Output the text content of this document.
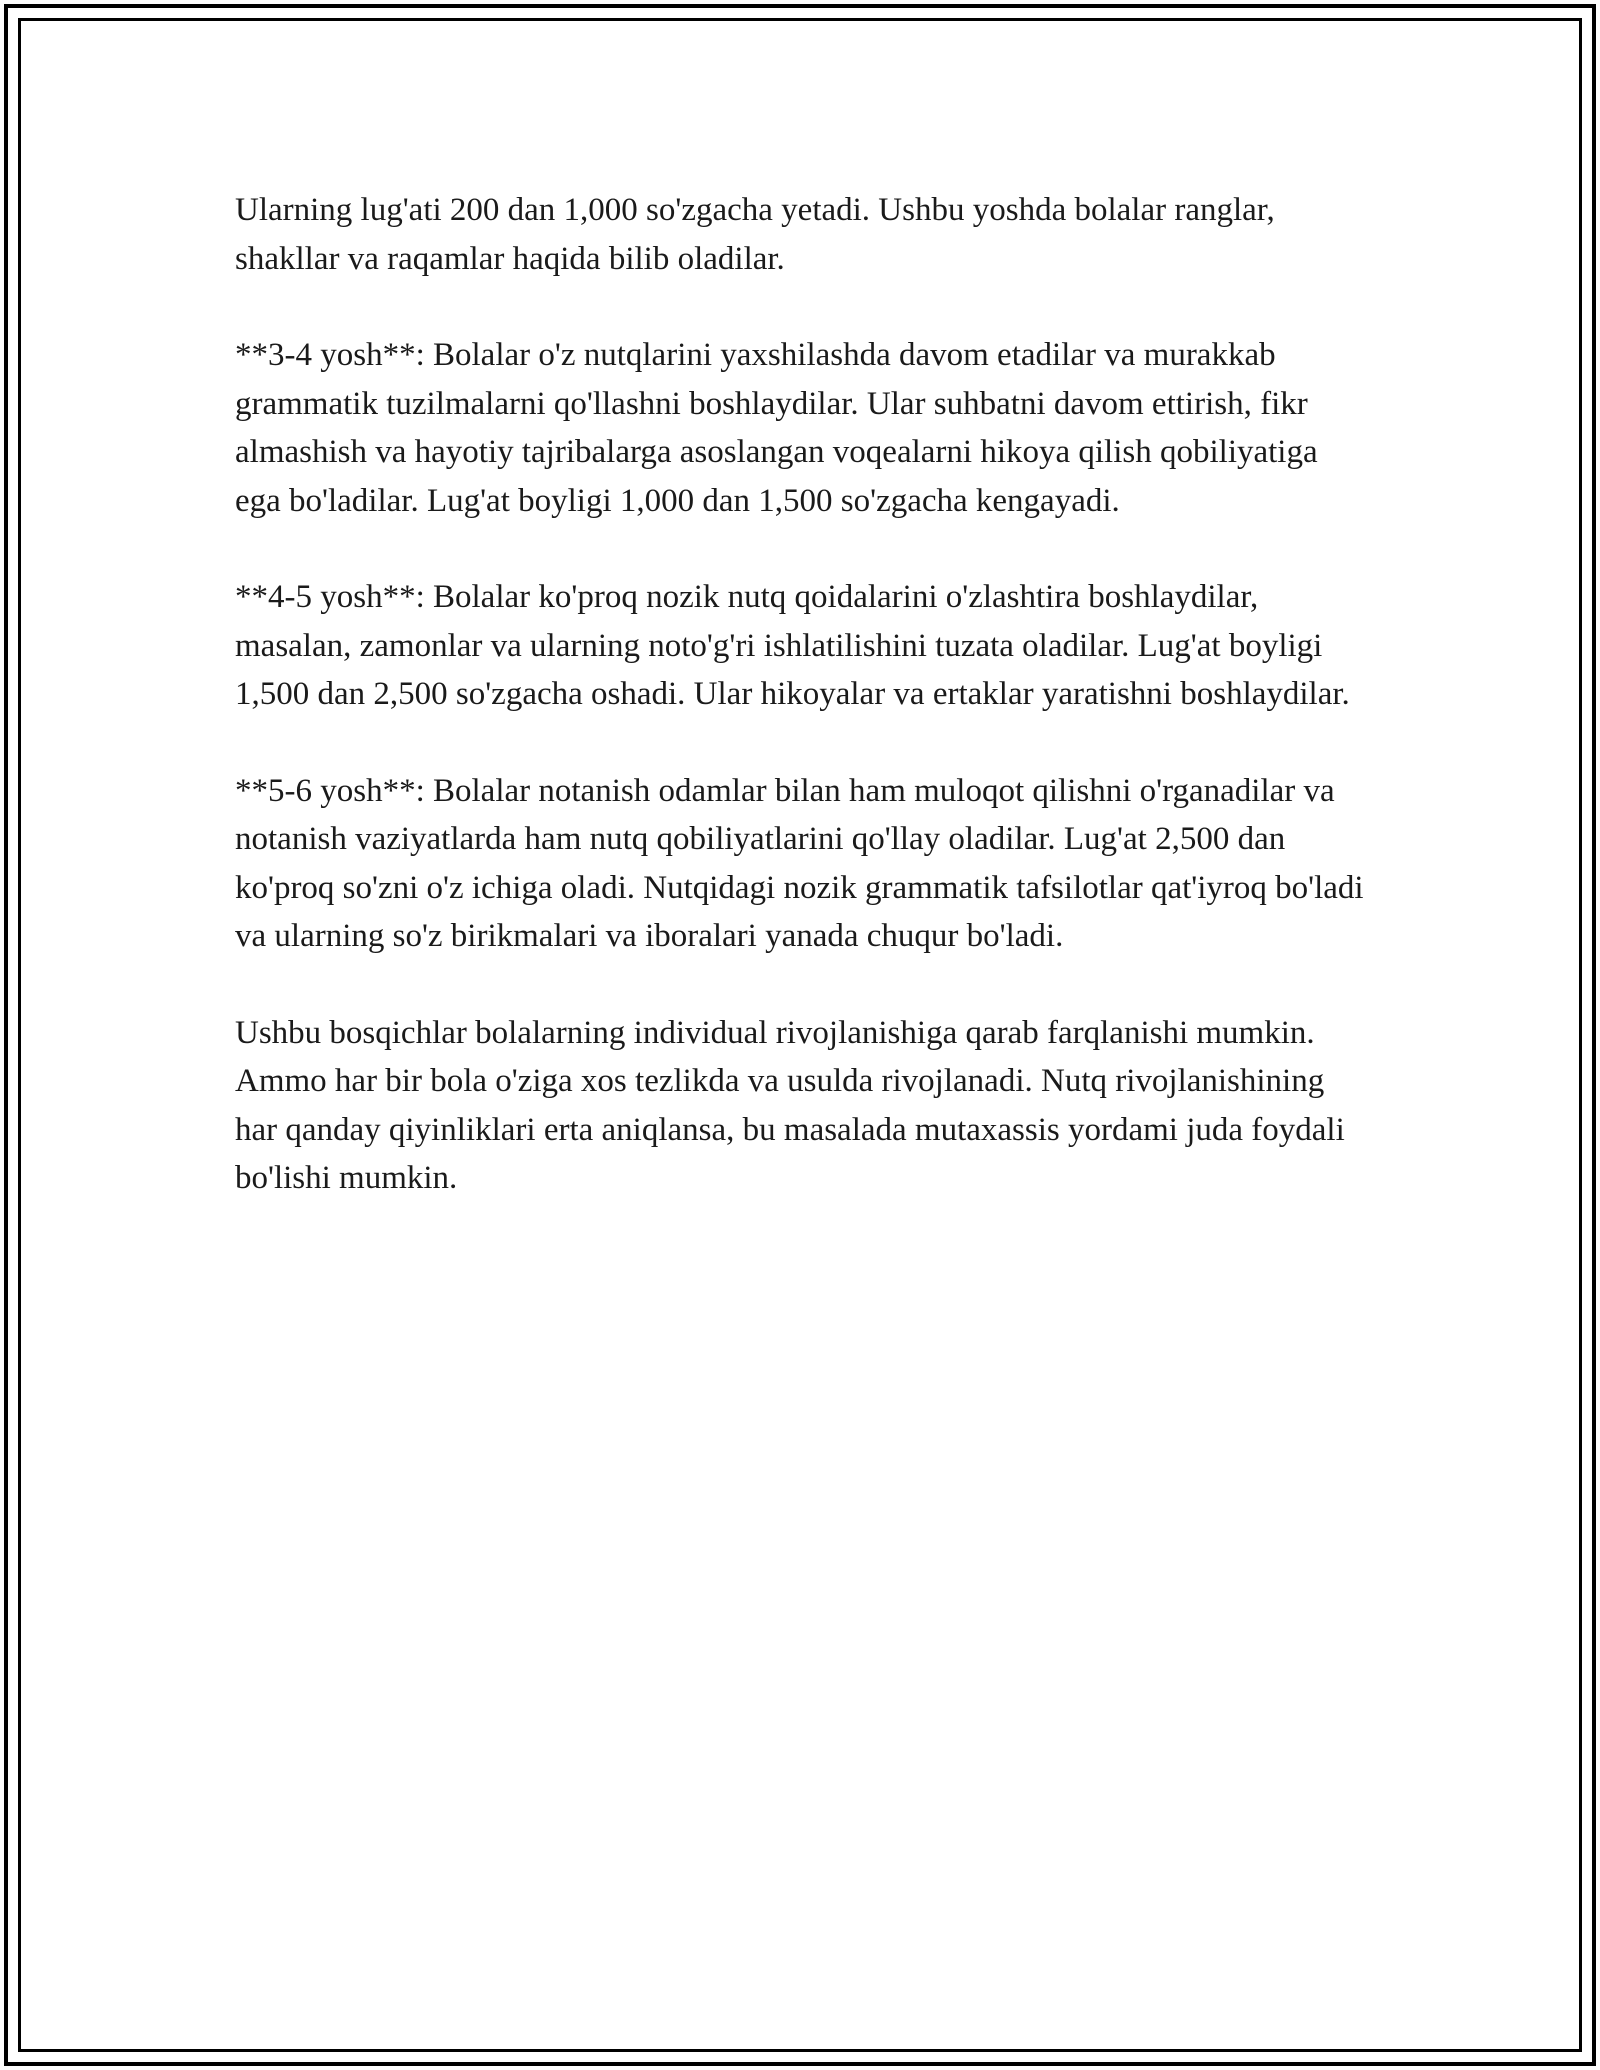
Ularning lug'ati 200 dan 1,000 so'zgacha yetadi. Ushbu yoshda bolalar ranglar, shakllar va raqamlar haqida bilib oladilar.

**3-4 yosh**: Bolalar o'z nutqlarini yaxshilashda davom etadilar va murakkab grammatik tuzilmalarni qo'llashni boshlaydilar. Ular suhbatni davom ettirish, fikr almashish va hayotiy tajribalarga asoslangan voqealarni hikoya qilish qobiliyatiga ega bo'ladilar. Lug'at boyligi 1,000 dan 1,500 so'zgacha kengayadi.

**4-5 yosh**: Bolalar ko'proq nozik nutq qoidalarini o'zlashtira boshlaydilar, masalan, zamonlar va ularning noto'g'ri ishlatilishini tuzata oladilar. Lug'at boyligi 1,500 dan 2,500 so'zgacha oshadi. Ular hikoyalar va ertaklar yaratishni boshlaydilar.

**5-6 yosh**: Bolalar notanish odamlar bilan ham muloqot qilishni o'rganadilar va notanish vaziyatlarda ham nutq qobiliyatlarini qo'llay oladilar. Lug'at 2,500 dan ko'proq so'zni o'z ichiga oladi. Nutqidagi nozik grammatik tafsilotlar qat'iyroq bo'ladi va ularning so'z birikmalari va iboralari yanada chuqur bo'ladi.

Ushbu bosqichlar bolalarning individual rivojlanishiga qarab farqlanishi mumkin. Ammo har bir bola o'ziga xos tezlikda va usulda rivojlanadi. Nutq rivojlanishining har qanday qiyinliklari erta aniqlansa, bu masalada mutaxassis yordami juda foydali bo'lishi mumkin.
